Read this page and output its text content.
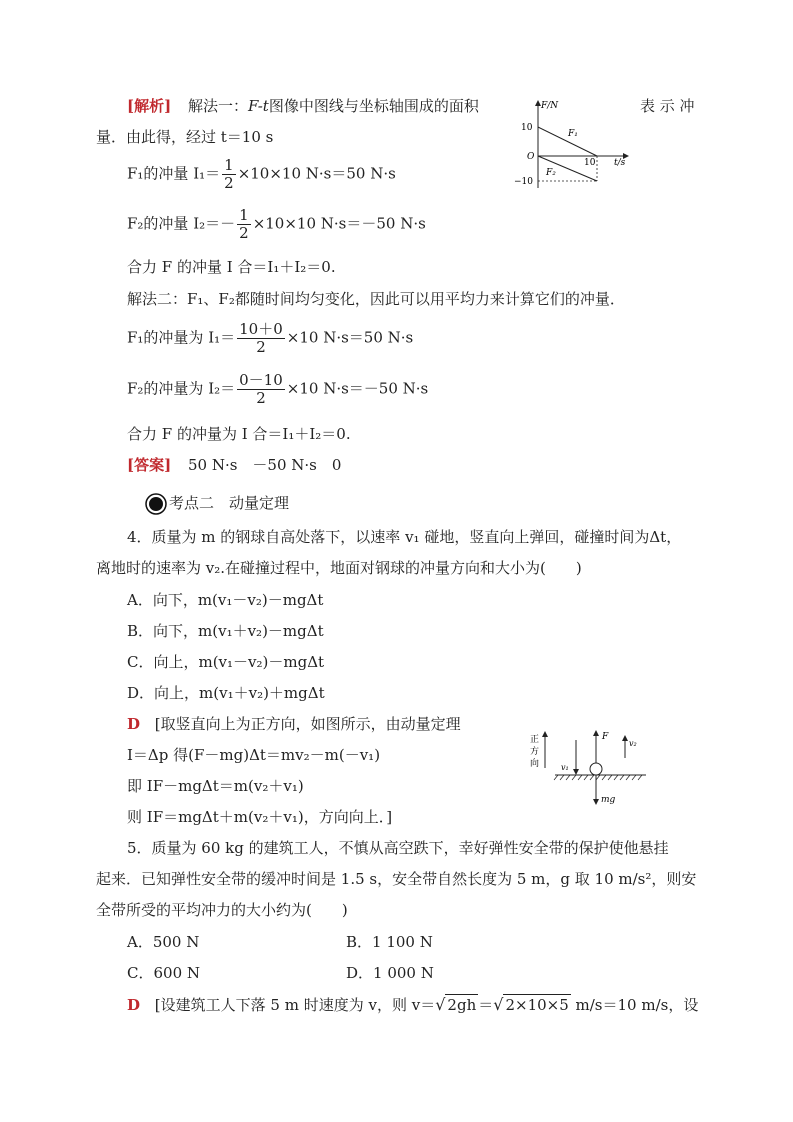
[解析] 解法一：F-t图像中图线与坐标轴围成的面积	表 示 冲
量．由此得，经过 t＝10 s
F₁的冲量 $I_1= \frac{1}{2} \times 10\times 10$ N·s＝50 N·s
F₂的冲量 $I_2=- \frac{1}{2} \times 10\times 10$ N·s＝－50 N·s
合力 F 的冲量 I 合＝I₁＋I₂＝0.
解法二：F₁、F₂都随时间均匀变化，因此可以用平均力来计算它们的冲量．
F₁的冲量为 $I_1= \frac{10+0}{2} \times 10$ N·s＝50 N·s
F₂的冲量为 $I_2= \frac{0-10}{2} \times 10$ N·s＝－50 N·s
合力 F 的冲量为 I 合＝I₁＋I₂＝0.
[答案] 50 N·s　－50 N·s　0
考点二　动量定理
4．质量为 m 的钢球自高处落下，以速率 v₁ 碰地，竖直向上弹回，碰撞时间为Δt，
离地时的速率为 v₂.在碰撞过程中，地面对钢球的冲量方向和大小为(　　)
A．向下，m(v₁－v₂)－mgΔt
B．向下，m(v₁＋v₂)－mgΔt
C．向上，m(v₁－v₂)－mgΔt
D．向上，m(v₁＋v₂)＋mgΔt
D [取竖直向上为正方向，如图所示，由动量定理
I＝Δp 得(F－mg)Δt＝mv₂－m(－v₁)
即 IF－mgΔt＝m(v₂＋v₁)
则 IF＝mgΔt＋m(v₂＋v₁)，方向向上．]
5．质量为 60 kg 的建筑工人，不慎从高空跌下，幸好弹性安全带的保护使他悬挂
起来．已知弹性安全带的缓冲时间是 1.5 s，安全带自然长度为 5 m，g 取 10 m/s²，则安
全带所受的平均冲力的大小约为(　　)
A．500 N	B．1 100 N
C．600 N	D．1 000 N
D [设建筑工人下落 5 m 时速度为 v，则 v＝√ 2gh ＝√ 2×10×5 m/s＝10 m/s，设
F/N
t/s
O
10
−10
10
F₁
F₂
正
方
向	v₁
F
v₂
mg
